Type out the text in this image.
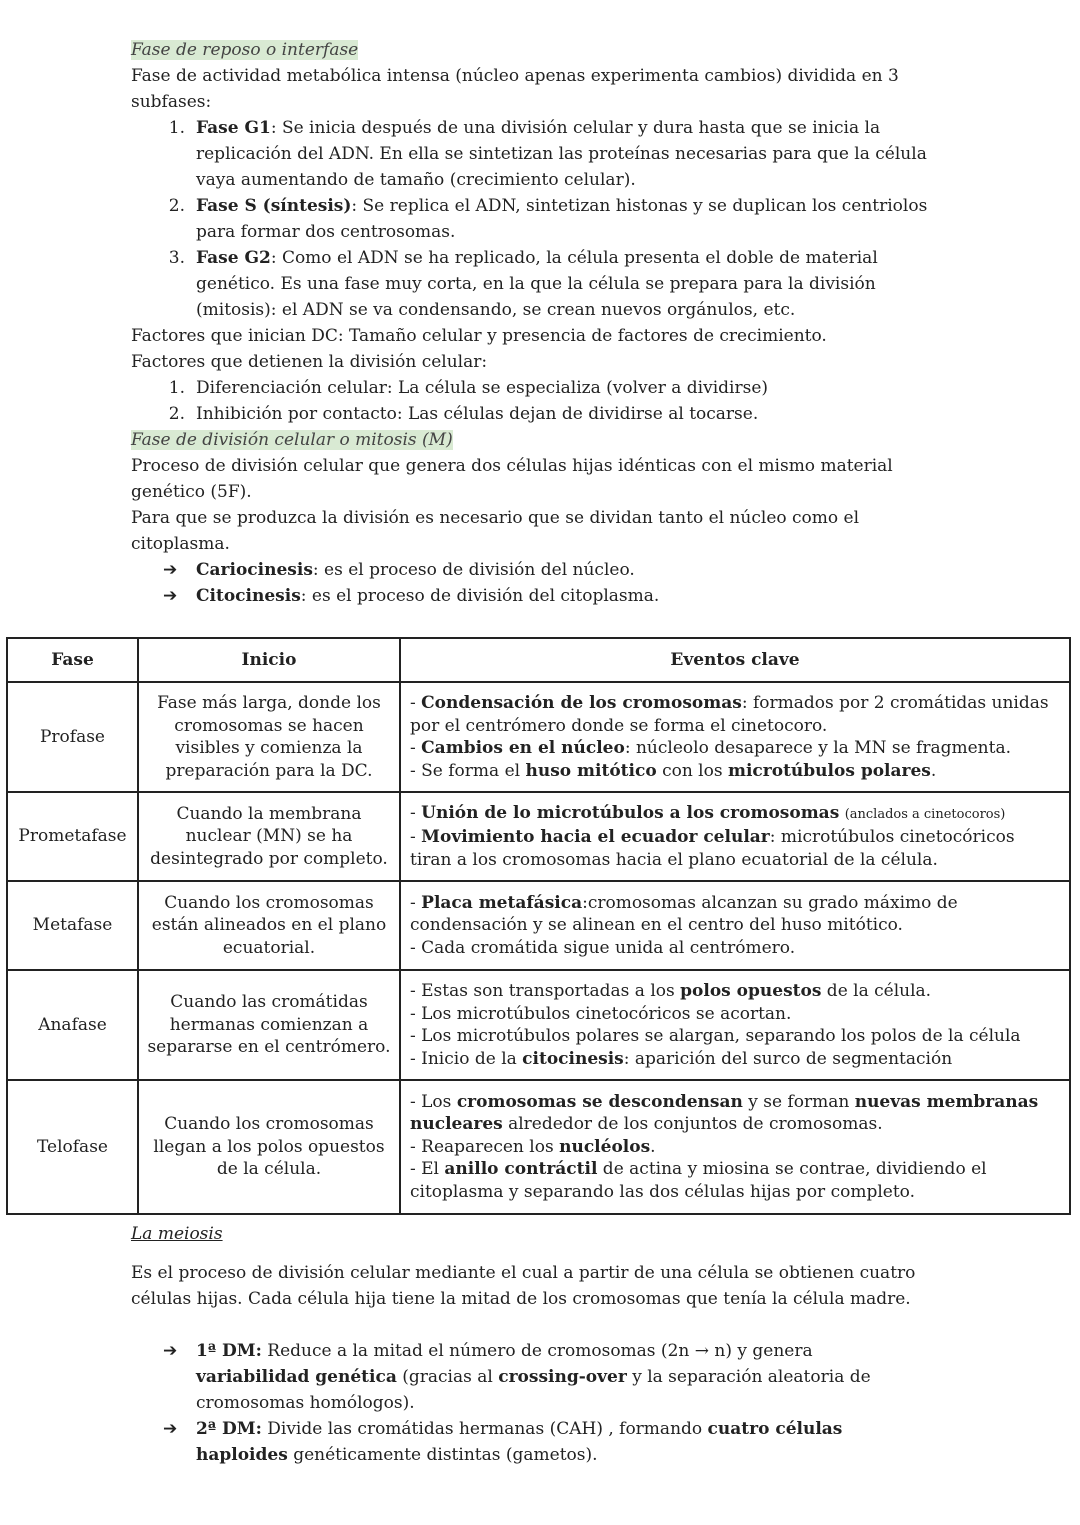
Fase de reposo o interfase
Fase de actividad metabólica intensa (núcleo apenas experimenta cambios) dividida en 3 subfases:
1. Fase G1: Se inicia después de una división celular y dura hasta que se inicia la replicación del ADN. En ella se sintetizan las proteínas necesarias para que la célula vaya aumentando de tamaño (crecimiento celular).
2. Fase S (síntesis): Se replica el ADN, sintetizan histonas y se duplican los centriolos para formar dos centrosomas.
3. Fase G2: Como el ADN se ha replicado, la célula presenta el doble de material genético. Es una fase muy corta, en la que la célula se prepara para la división (mitosis): el ADN se va condensando, se crean nuevos orgánulos, etc.
Factores que inician DC: Tamaño celular y presencia de factores de crecimiento.
Factores que detienen la división celular:
1. Diferenciación celular: La célula se especializa (volver a dividirse)
2. Inhibición por contacto: Las células dejan de dividirse al tocarse.
Fase de división celular o mitosis (M)
Proceso de división celular que genera dos células hijas idénticas con el mismo material genético (5F).
Para que se produzca la división es necesario que se dividan tanto el núcleo como el citoplasma.
➔ Cariocinesis: es el proceso de división del núcleo.
➔ Citocinesis: es el proceso de división del citoplasma.
Fase	Inicio	Eventos clave
Profase	Fase más larga, donde los cromosomas se hacen visibles y comienza la preparación para la DC.	- Condensación de los cromosomas: formados por 2 cromátidas unidas por el centrómero donde se forma el cinetocoro.
- Cambios en el núcleo: núcleolo desaparece y la MN se fragmenta.
- Se forma el huso mitótico con los microtúbulos polares.

Prometafase	Cuando la membrana nuclear (MN) se ha desintegrado por completo.	- Unión de lo microtúbulos a los cromosomas (anclados a cinetocoros)
- Movimiento hacia el ecuador celular: microtúbulos cinetocóricos tiran a los cromosomas hacia el plano ecuatorial de la célula.

Metafase	Cuando los cromosomas están alineados en el plano ecuatorial.	- Placa metafásica:cromosomas alcanzan su grado máximo de condensación y se alinean en el centro del huso mitótico.
- Cada cromátida sigue unida al centrómero.

Anafase	Cuando las cromátidas hermanas comienzan a separarse en el centrómero.	- Estas son transportadas a los polos opuestos de la célula.
- Los microtúbulos cinetocóricos se acortan.
- Los microtúbulos polares se alargan, separando los polos de la célula
- Inicio de la citocinesis: aparición del surco de segmentación

Telofase	Cuando los cromosomas llegan a los polos opuestos de la célula.	- Los cromosomas se descondensan y se forman nuevas membranas nucleares alrededor de los conjuntos de cromosomas.
- Reaparecen los nucléolos.
- El anillo contráctil de actina y miosina se contrae, dividiendo el citoplasma y separando las dos células hijas por completo.
La meiosis
Es el proceso de división celular mediante el cual a partir de una célula se obtienen cuatro células hijas. Cada célula hija tiene la mitad de los cromosomas que tenía la célula madre.
➔ 1ª DM: Reduce a la mitad el número de cromosomas (2n → n) y genera variabilidad genética (gracias al crossing-over y la separación aleatoria de cromosomas homólogos).
➔ 2ª DM: Divide las cromátidas hermanas (CAH) , formando cuatro células haploides genéticamente distintas (gametos).
